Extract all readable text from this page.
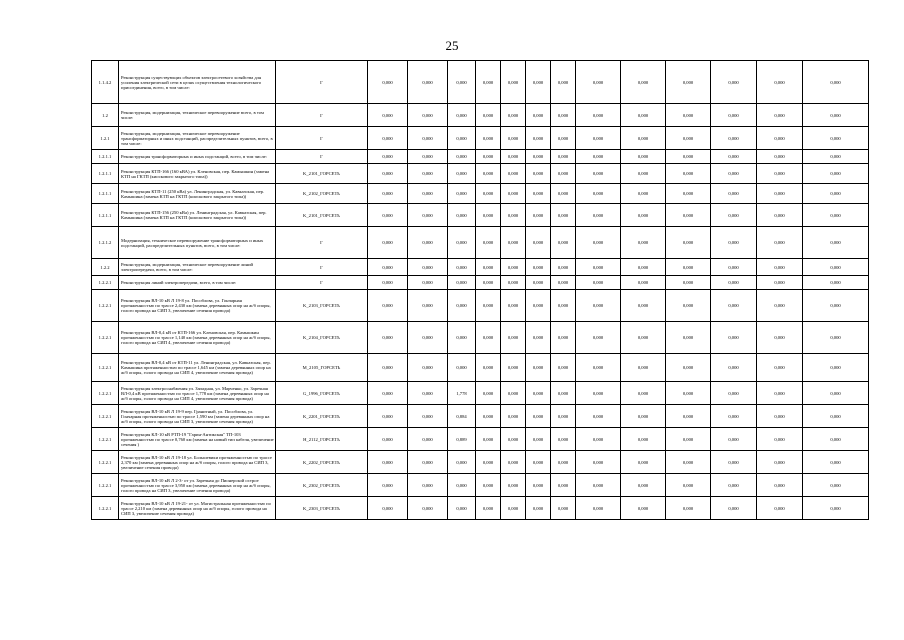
25
1.1.4.2	Реконструкция существующих объектов электросетевого хозяйства для усиления электрической сети в целях осуществления технологического присоединения, всего, в том числе:	Г	0,000	0,000	0,000	0,000	0,000	0,000	0,000	0,000	0,000	0,000	0,000	0,000	0,000	
1.2	Реконструкция, модернизация, техническое перевооружение всего, в том числе:	Г	0,000	0,000	0,000	0,000	0,000	0,000	0,000	0,000	0,000	0,000	0,000	0,000	0,000	
1.2.1	Реконструкция, модернизация, техническое перевооружение трансформаторных и иных подстанций, распределительных пунктов, всего, в том числе:	Г	0,000	0,000	0,000	0,000	0,000	0,000	0,000	0,000	0,000	0,000	0,000	0,000	0,000	
1.2.1.1	Реконструкция трансформаторных и иных подстанций, всего, в том числе:	Г	0,000	0,000	0,000	0,000	0,000	0,000	0,000	0,000	0,000	0,000	0,000	0,000	0,000	
1.2.1.1	Реконструкция КТП-166 (160 кВА) ул. Кленовская, пер. Камышкин (замена КТП на ГКТП (киоскового закрытого типа))	K_2101_ГОРСЕТЬ	0,000	0,000	0,000	0,000	0,000	0,000	0,000	0,000	0,000	0,000	0,000	0,000	0,000	
1.2.1.1	Реконструкция КТП-11 (250 кВа) ул. Ленинградская, ул. Кавказская, пер. Камышина (замена КТП на ГКТП (киоскового закрытого типа))	K_2102_ГОРСЕТЬ	0,000	0,000	0,000	0,000	0,000	0,000	0,000	0,000	0,000	0,000	0,000	0,000	0,000	
1.2.1.1	Реконструкция КТП-156 (250 кВа) ул. Ленинградская, ул. Кавказская, пер. Камышина (замена КТП на ГКТП (киоскового закрытого типа))	K_2101_ГОРСЕТЬ	0,000	0,000	0,000	0,000	0,000	0,000	0,000	0,000	0,000	0,000	0,000	0,000	0,000	
1.2.1.2	Модернизация, техническое перевооружение трансформаторных и иных подстанций, распределительных пунктов, всего, в том числе:	Г	0,000	0,000	0,000	0,000	0,000	0,000	0,000	0,000	0,000	0,000	0,000	0,000	0,000	
1.2.2	Реконструкция, модернизация, техническое перевооружение линий электропередачи, всего, в том числе:	Г	0,000	0,000	0,000	0,000	0,000	0,000	0,000	0,000	0,000	0,000	0,000	0,000	0,000	
1.2.2.1	Реконструкция линий электропередачи, всего, в том числе:	Г	0,000	0,000	0,000	0,000	0,000	0,000	0,000	0,000	0,000	0,000	0,000	0,000	0,000	
1.2.2.1	Реконструкция ВЛ-10 кВ Л 19-8 ул. Пособлова, ул. Гончарная протяженностью по трассе 2,430 км (замена деревянных опор на ж/б опоры, голого провода на СИП 3, увеличение сечения провода)	K_2103_ГОРСЕТЬ	0,000	0,000	0,000	0,000	0,000	0,000	0,000	0,000	0,000	0,000	0,000	0,000	0,000	
1.2.2.1	Реконструкция ВЛ-0,4 кВ от КТП-166 ул. Кленовская, пер. Камышкин протяженностью по трассе 1,140 км (замена деревянных опор на ж/б опоры, голого провода на СИП 4, увеличение сечения провода)	K_2104_ГОРСЕТЬ	0,000	0,000	0,000	0,000	0,000	0,000	0,000	0,000	0,000	0,000	0,000	0,000	0,000	
1.2.2.1	Реконструкция ВЛ-0,4 кВ от КТП-11 ул. Ленинградская, ул. Кавказская, пер. Камышина протяженностью по трассе 1,645 км (замена деревянных опор на ж/б опоры, голого провода на СИП 4, увеличение сечения провода)	M_2105_ГОРСЕТЬ	0,000	0,000	0,000	0,000	0,000	0,000	0,000	0,000	0,000	0,000	0,000	0,000	0,000	
1.2.2.1	Реконструкция электроснабжения ул. Западная, ул. Марченко, ул. Заречная ВЛ-0,4 кВ протяженностью по трассе 1,778 км (замена деревянных опор на ж/б опоры, голого провода на СИП 4, увеличение сечения провода)	G_1996_ГОРСЕТЬ	0,000	0,000	1,778	0,000	0,000	0,000	0,000	0,000	0,000	0,000	0,000	0,000	0,000	
1.2.2.1	Реконструкция ВЛ-10 кВ Л 19-9 пер. Гранитный, ул. Пособлова, ул. Гончарная протяженностью по трассе 1,590 км (замена деревянных опор на ж/б опоры, голого провода на СИП 3, увеличение сечения провода)	K_2201_ГОРСЕТЬ	0,000	0,000	0,884	0,000	0,000	0,000	0,000	0,000	0,000	0,000	0,000	0,000	0,000	
1.2.2.1	Реконструкция КЛ-10 кВ РТП-19 "Гарин-Антикская" ТП-103 протяженностью по трассе 0,760 км (замена на новый тип кабеля, увеличение сечения )	H_2112_ГОРСЕТЬ	0,000	0,000	0,889	0,000	0,000	0,000	0,000	0,000	0,000	0,000	0,000	0,000	0,000	
1.2.2.1	Реконструкция ВЛ-10 кВ Л 19-18 ул. Большевики протяженностью по трассе 2,370 км (замена деревянных опор на ж/б опоры, голого провода на СИП 3, увеличение сечения провода)	K_2202_ГОРСЕТЬ	0,000	0,000	0,000	0,000	0,000	0,000	0,000	0,000	0,000	0,000	0,000	0,000	0,000	
1.2.2.1	Реконструкция ВЛ-10 кВ Л 2-3- от ул. Заречная до Пионерской острое протяженностью по трассе 3,950 км (замена деревянных опор на ж/б опоры, голого провода на СИП 3, увеличение сечения провода)	K_2302_ГОРСЕТЬ	0,000	0,000	0,000	0,000	0,000	0,000	0,000	0,000	0,000	0,000	0,000	0,000	0,000	
1.2.2.1	Реконструкция ВЛ-10 кВ Л 19-21- от ул. Магистральная протяженностью по трассе 2,210 км (замена деревянных опор на ж/б опоры, голого провода на СИП 3, увеличение сечения провода)	K_2303_ГОРСЕТЬ	0,000	0,000	0,000	0,000	0,000	0,000	0,000	0,000	0,000	0,000	0,000	0,000	0,000	
